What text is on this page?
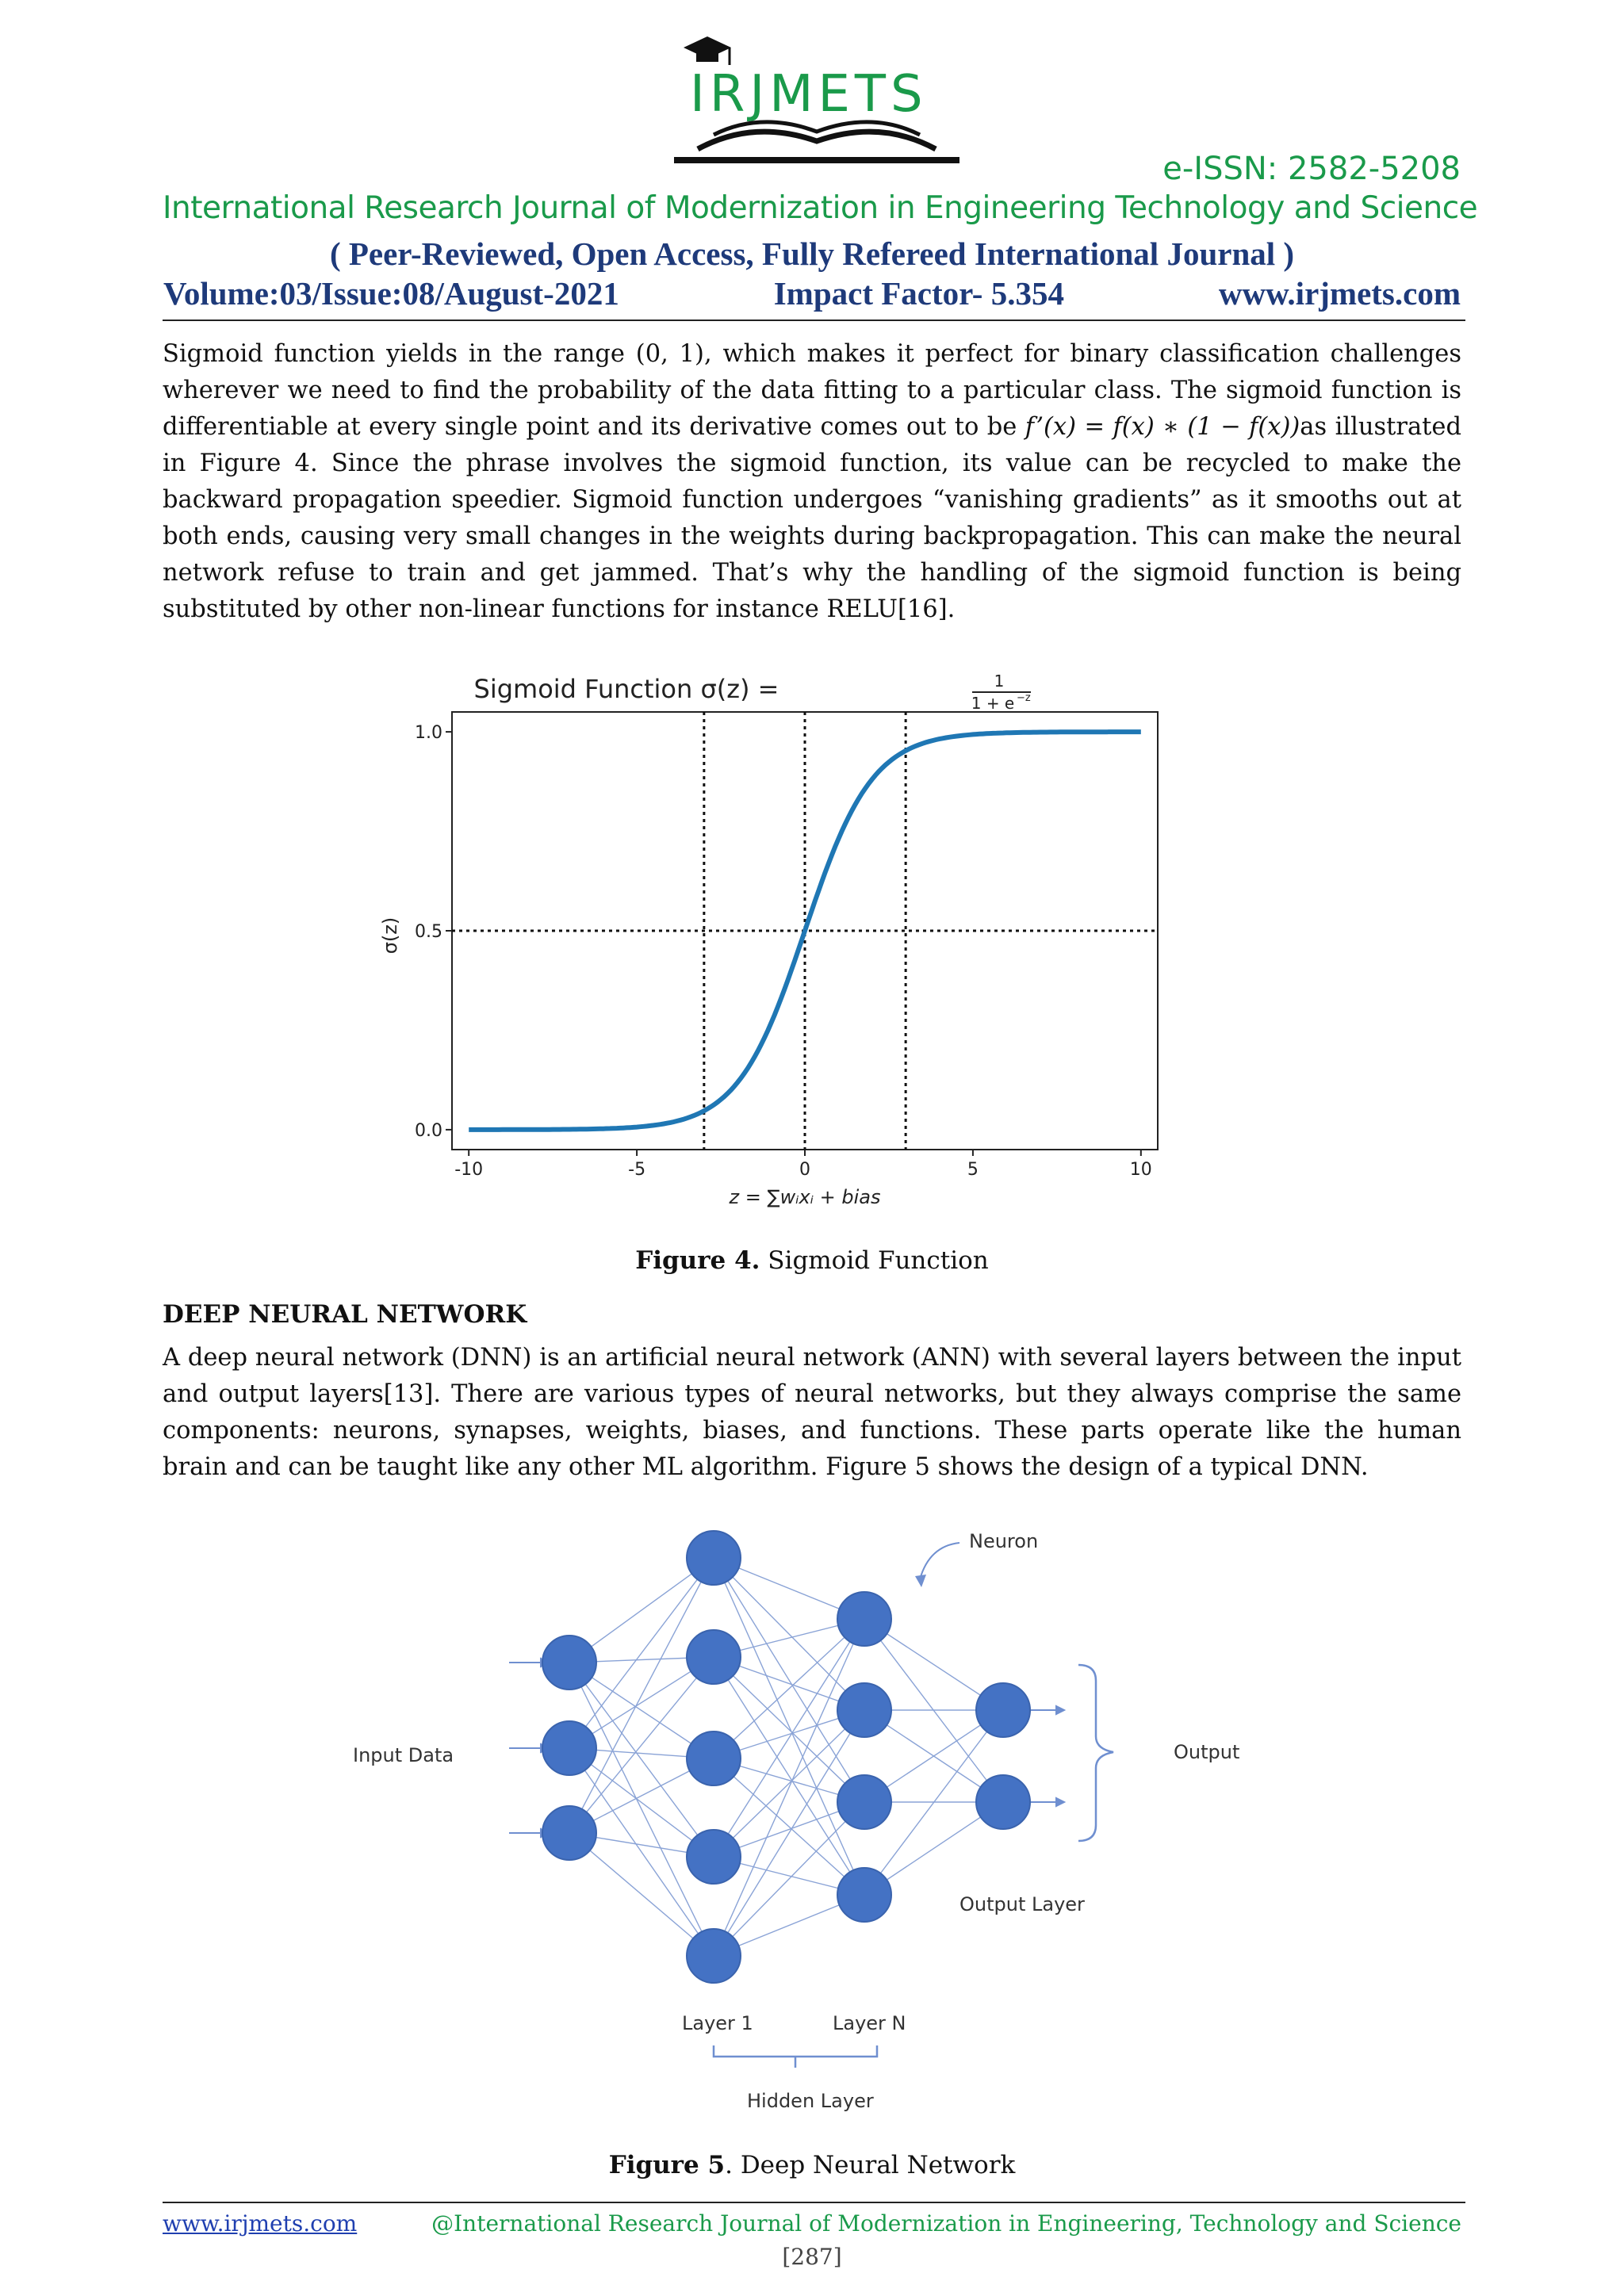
IRJMETS
e-ISSN: 2582-5208
International Research Journal of Modernization in Engineering Technology and Science
( Peer-Reviewed, Open Access, Fully Refereed International Journal )
Volume:03/Issue:08/August-2021	Impact Factor- 5.354	www.irjmets.com
Sigmoid function yields in the range (0, 1), which makes it perfect for binary classification challenges wherever we need to find the probability of the data fitting to a particular class. The sigmoid function is differentiable at every single point and its derivative comes out to be f’(x) = f(x) ∗ (1 − f(x))as illustrated in Figure 4. Since the phrase involves the sigmoid function, its value can be recycled to make the backward propagation speedier. Sigmoid function undergoes “vanishing gradients” as it smooths out at both ends, causing very small changes in the weights during backpropagation. This can make the neural network refuse to train and get jammed. That’s why the handling of the sigmoid function is being substituted by other non-linear functions for instance RELU[16].
Sigmoid Function σ(z) =	1
1 + e −z
-10	-5	0	5	10
0.0
0.5
1.0
σ(z)
z = ∑wᵢxᵢ + bias
Figure 4. Sigmoid Function
DEEP NEURAL NETWORK
A deep neural network (DNN) is an artificial neural network (ANN) with several layers between the input and output layers[13]. There are various types of neural networks, but they always comprise the same components: neurons, synapses, weights, biases, and functions. These parts operate like the human brain and can be taught like any other ML algorithm. Figure 5 shows the design of a typical DNN.
Neuron
Input Data	Output
Output Layer
Layer 1	Layer N
Hidden Layer
Figure 5. Deep Neural Network
www.irjmets.com	@International Research Journal of Modernization in Engineering, Technology and Science
[287]
